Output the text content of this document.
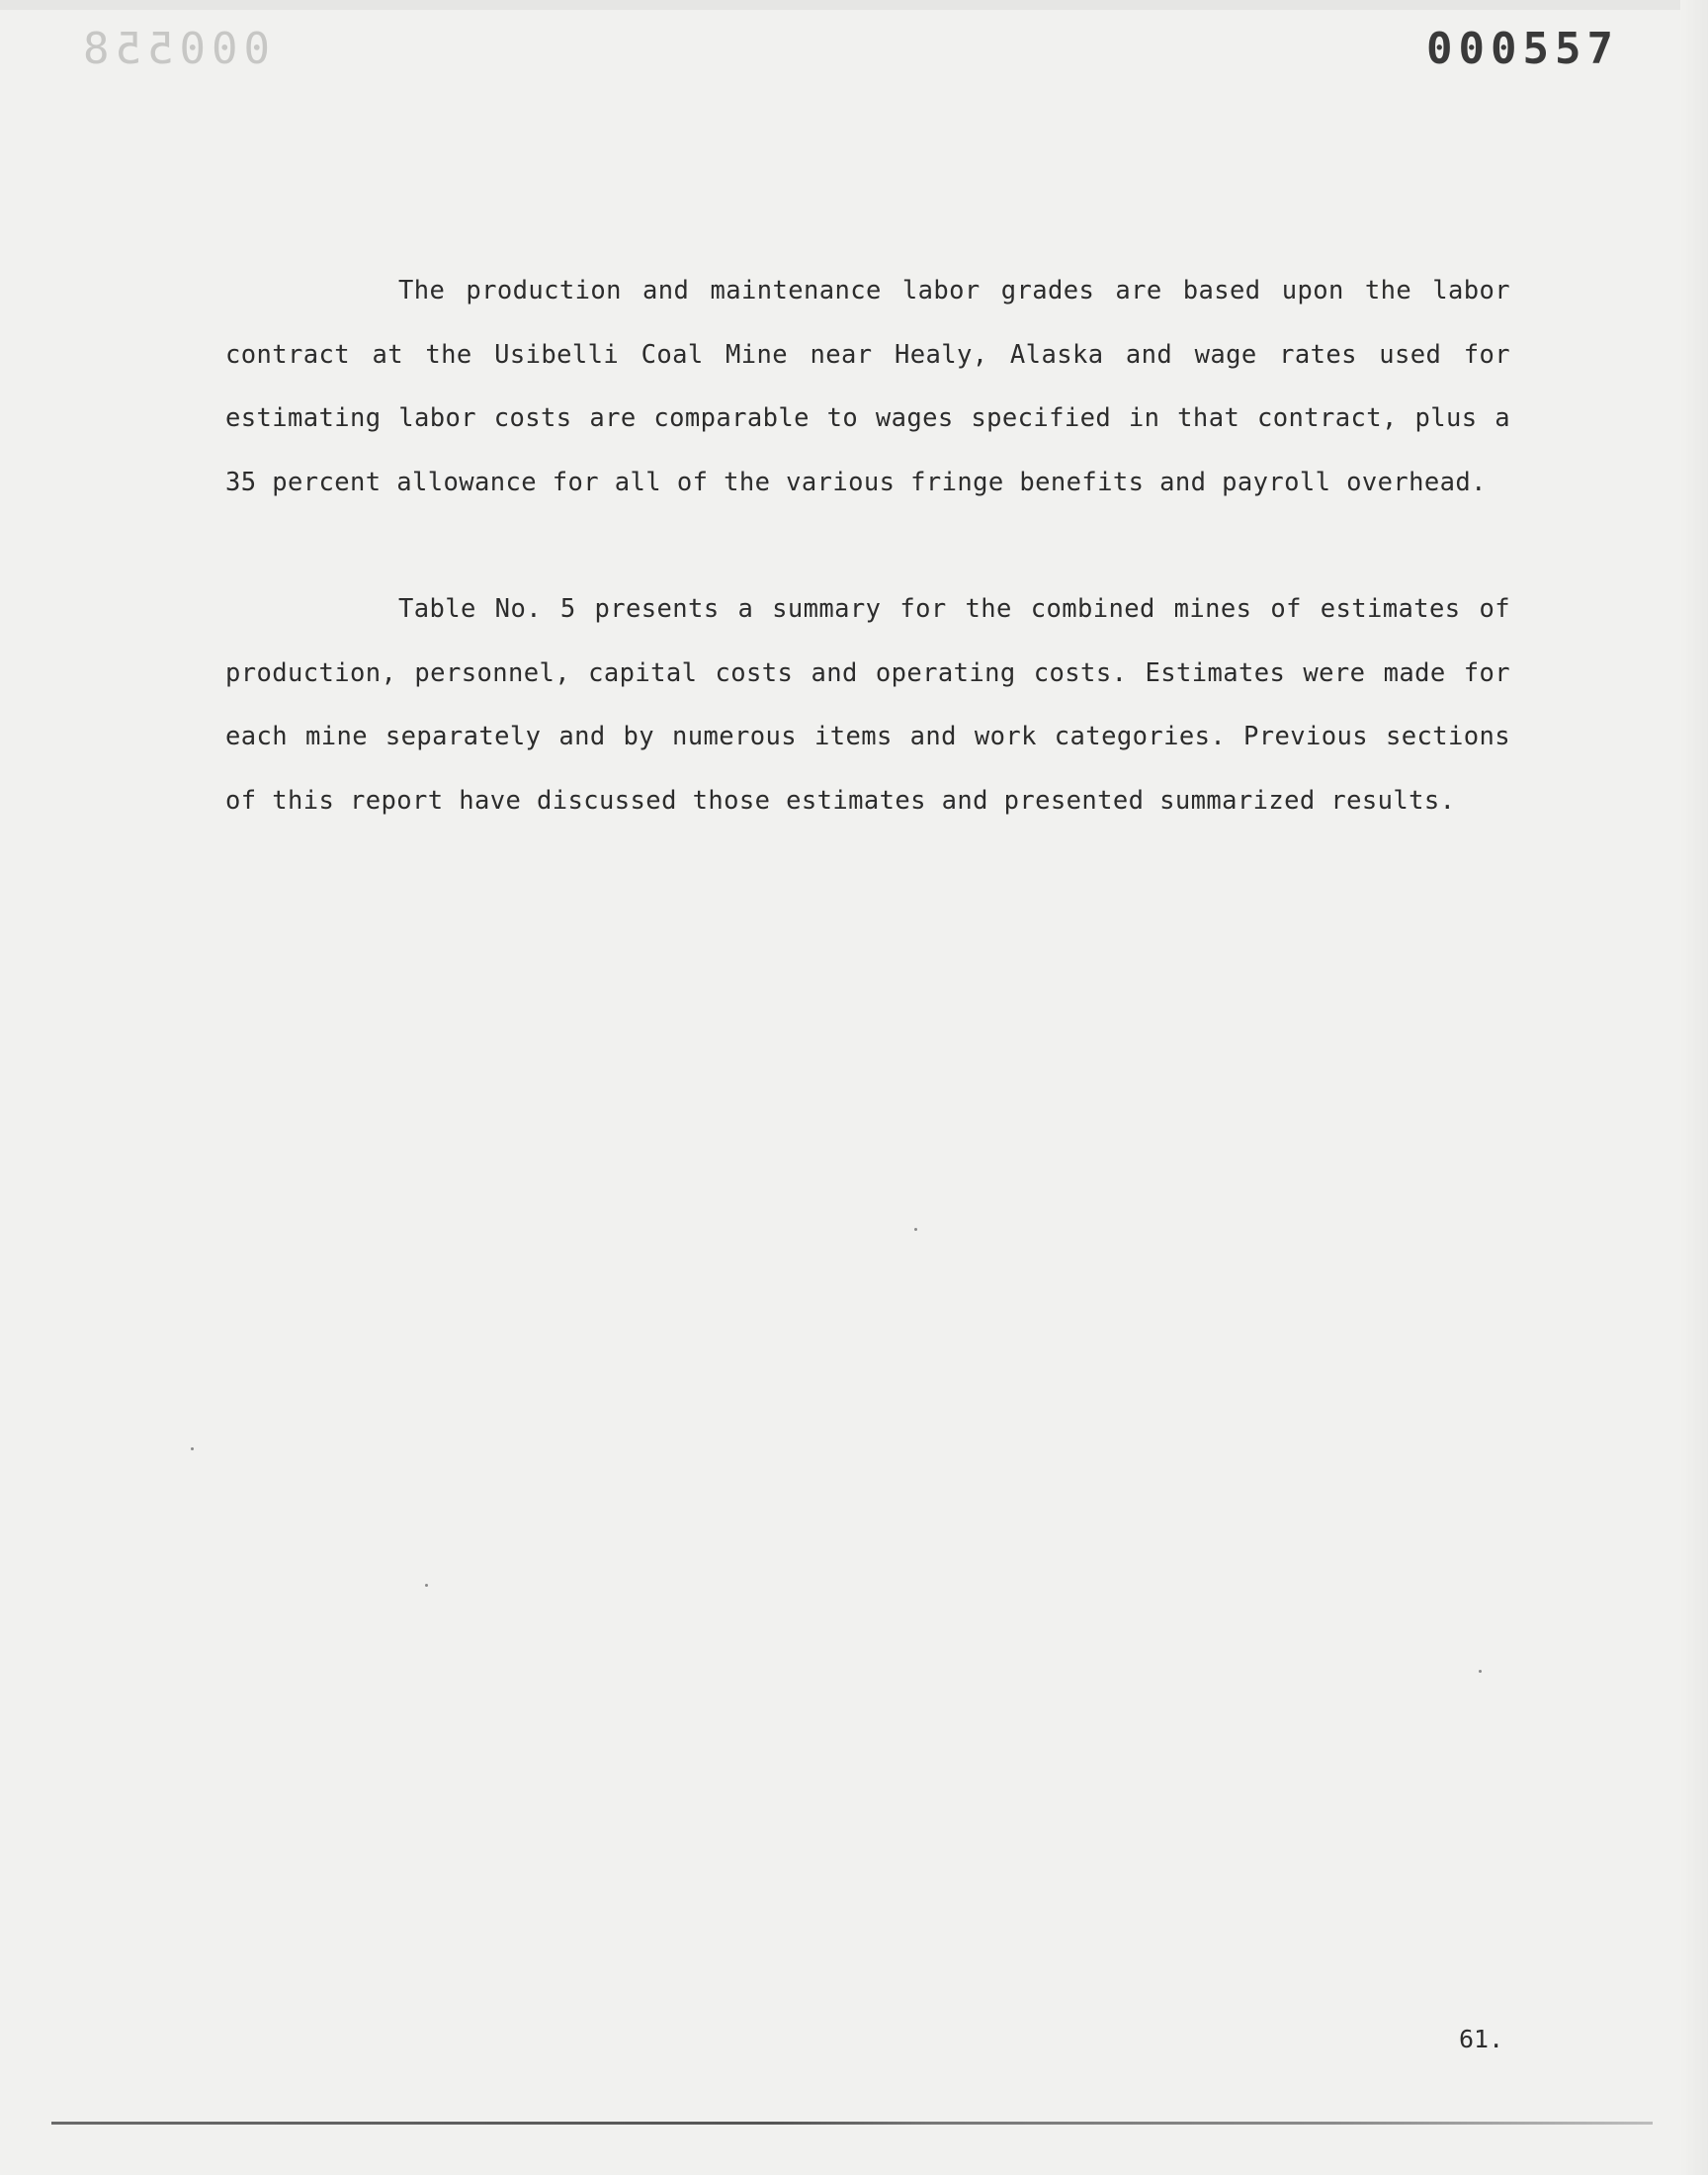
000558	000557

The production and maintenance labor grades are based upon the labor contract at the Usibelli Coal Mine near Healy, Alaska and wage rates used for estimating labor costs are comparable to wages specified in that contract, plus a 35 percent allowance for all of the various fringe benefits and payroll overhead.

Table No. 5 presents a summary for the combined mines of estimates of production, personnel, capital costs and operating costs. Estimates were made for each mine separately and by numerous items and work categories. Previous sections of this report have discussed those estimates and presented summarized results.

61.
